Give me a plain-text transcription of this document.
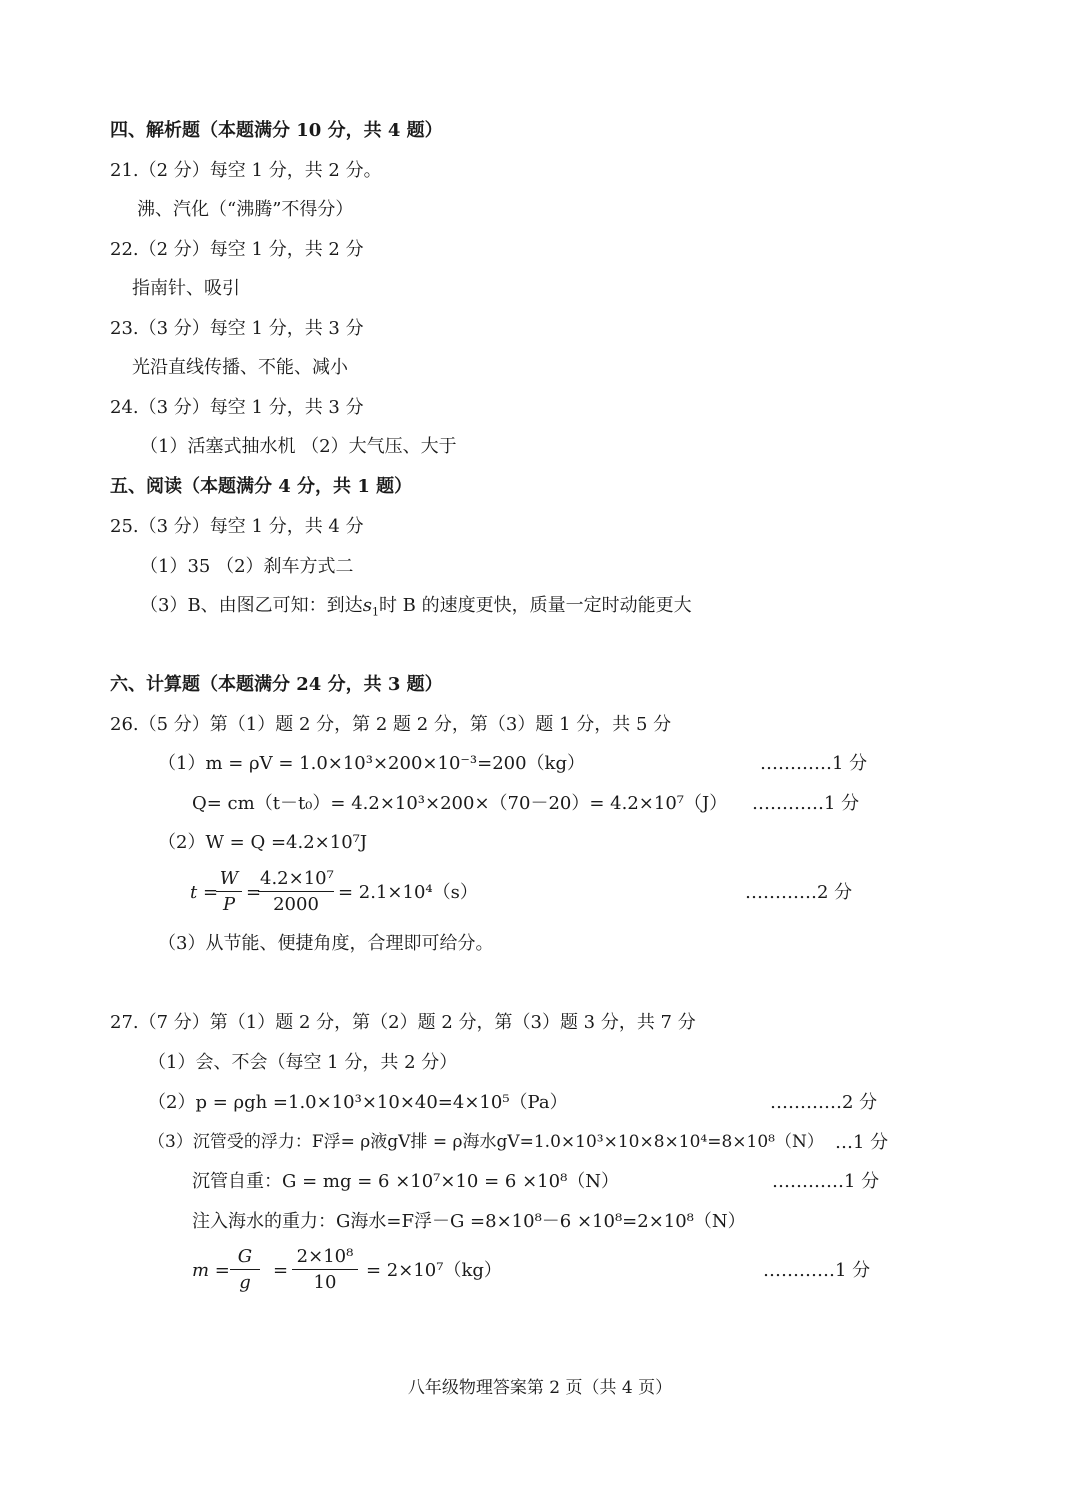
四、解析题（本题满分 10 分，共 4 题）
21.（2 分）每空 1 分，共 2 分。
沸、汽化（“沸腾”不得分）
22.（2 分）每空 1 分，共 2 分
指南针、吸引
23.（3 分）每空 1 分，共 3 分
光沿直线传播、不能、减小
24.（3 分）每空 1 分，共 3 分
（1）活塞式抽水机 （2）大气压、大于
五、阅读（本题满分 4 分，共 1 题）
25.（3 分）每空 1 分，共 4 分
（1）35 （2）刹车方式二
（3）B、由图乙可知：到达$s_1$时 B 的速度更快，质量一定时动能更大
六、计算题（本题满分 24 分，共 3 题）
26.（5 分）第（1）题 2 分，第 2 题 2 分，第（3）题 1 分，共 5 分
（1）m = ρV = 1.0×10³×200×10⁻³=200（kg）	…………1 分
Q= cm（t－t₀）= 4.2×10³×200×（70－20）= 4.2×10⁷（J） …………1 分
（2）W = Q =4.2×10⁷J
t =
$\frac{W}{P}$ =
$\frac{\text{4.2×10⁷}}{2000} = 2.1\times 10^4(s)$	…………2 分
（3）从节能、便捷角度，合理即可给分。
27.（7 分）第（1）题 2 分，第（2）题 2 分，第（3）题 3 分，共 7 分
（1）会、不会（每空 1 分，共 2 分）
（2）p = ρgh =1.0×10³×10×40=4×10⁵（Pa）	…………2 分
（3）沉管受的浮力：F浮= ρ液gV排 = ρ海水gV=1.0×10³×10×8×10⁴=8×10⁸（N） …1 分
沉管自重：G = mg = 6 ×10⁷×10 = 6 ×10⁸（N）	…………1 分
注入海水的重力：G海水=F浮－G =8×10⁸－6 ×10⁸=2×10⁸（N）
$m = \frac{G}{g} = \frac{\text{2×10⁸}}{10} = 2\times 10^7(kg)$	…………1 分
八年级物理答案第 2 页（共 4 页）
